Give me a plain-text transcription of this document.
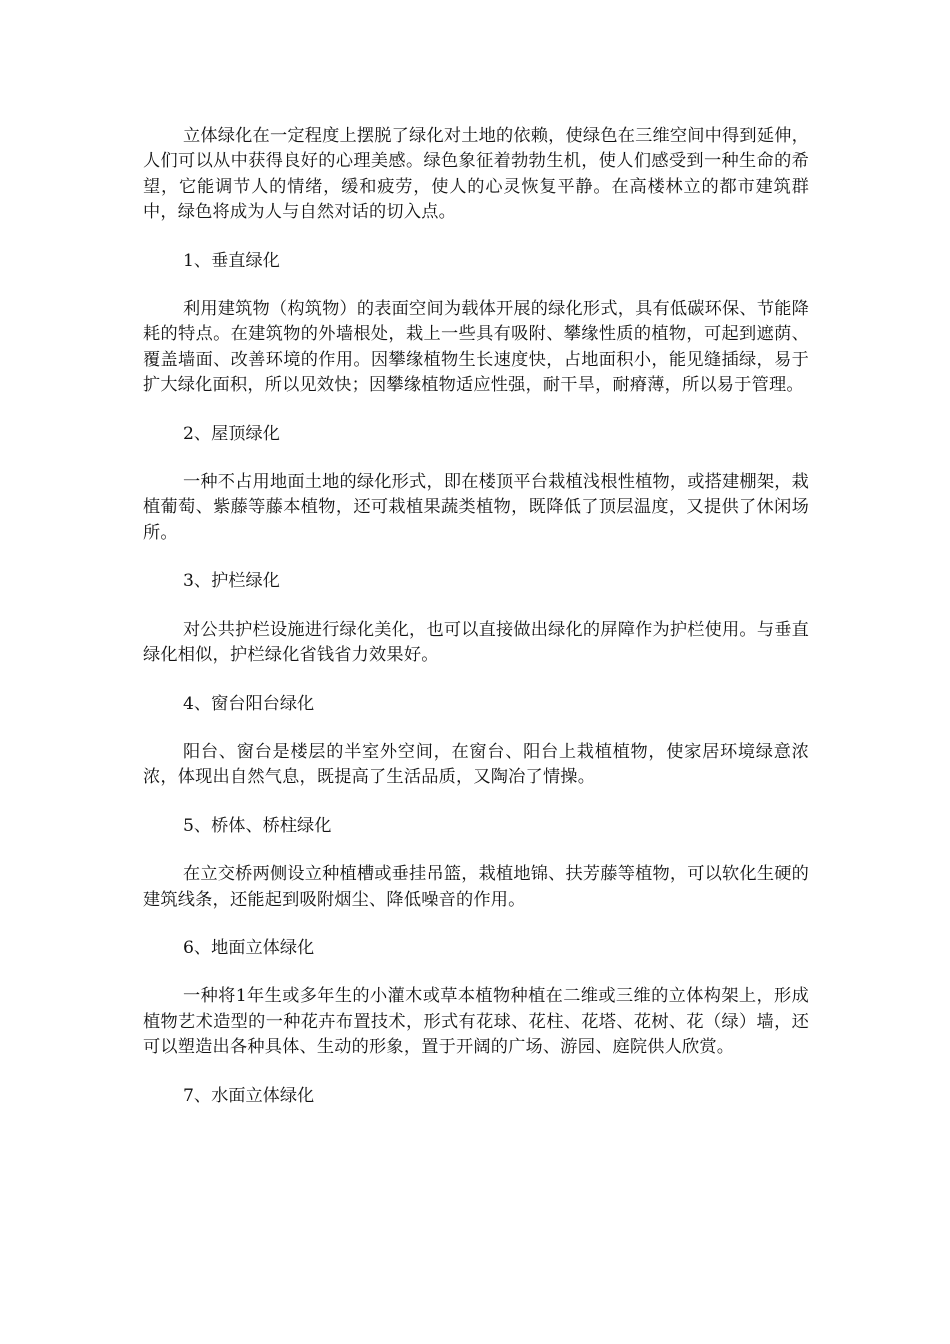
立体绿化在一定程度上摆脱了绿化对土地的依赖，使绿色在三维空间中得到延伸，人们可以从中获得良好的心理美感。绿色象征着勃勃生机，使人们感受到一种生命的希望，它能调节人的情绪，缓和疲劳，使人的心灵恢复平静。在高楼林立的都市建筑群中，绿色将成为人与自然对话的切入点。

1、垂直绿化

利用建筑物（构筑物）的表面空间为载体开展的绿化形式，具有低碳环保、节能降耗的特点。在建筑物的外墙根处，栽上一些具有吸附、攀缘性质的植物，可起到遮荫、覆盖墙面、改善环境的作用。因攀缘植物生长速度快，占地面积小，能见缝插绿，易于扩大绿化面积，所以见效快；因攀缘植物适应性强，耐干旱，耐瘠薄，所以易于管理。

2、屋顶绿化

一种不占用地面土地的绿化形式，即在楼顶平台栽植浅根性植物，或搭建棚架，栽植葡萄、紫藤等藤本植物，还可栽植果蔬类植物，既降低了顶层温度，又提供了休闲场所。

3、护栏绿化

对公共护栏设施进行绿化美化，也可以直接做出绿化的屏障作为护栏使用。与垂直绿化相似，护栏绿化省钱省力效果好。

4、窗台阳台绿化

阳台、窗台是楼层的半室外空间，在窗台、阳台上栽植植物，使家居环境绿意浓浓，体现出自然气息，既提高了生活品质，又陶冶了情操。

5、桥体、桥柱绿化

在立交桥两侧设立种植槽或垂挂吊篮，栽植地锦、扶芳藤等植物，可以软化生硬的建筑线条，还能起到吸附烟尘、降低噪音的作用。

6、地面立体绿化

一种将1年生或多年生的小灌木或草本植物种植在二维或三维的立体构架上，形成植物艺术造型的一种花卉布置技术，形式有花球、花柱、花塔、花树、花（绿）墙，还可以塑造出各种具体、生动的形象，置于开阔的广场、游园、庭院供人欣赏。

7、水面立体绿化
